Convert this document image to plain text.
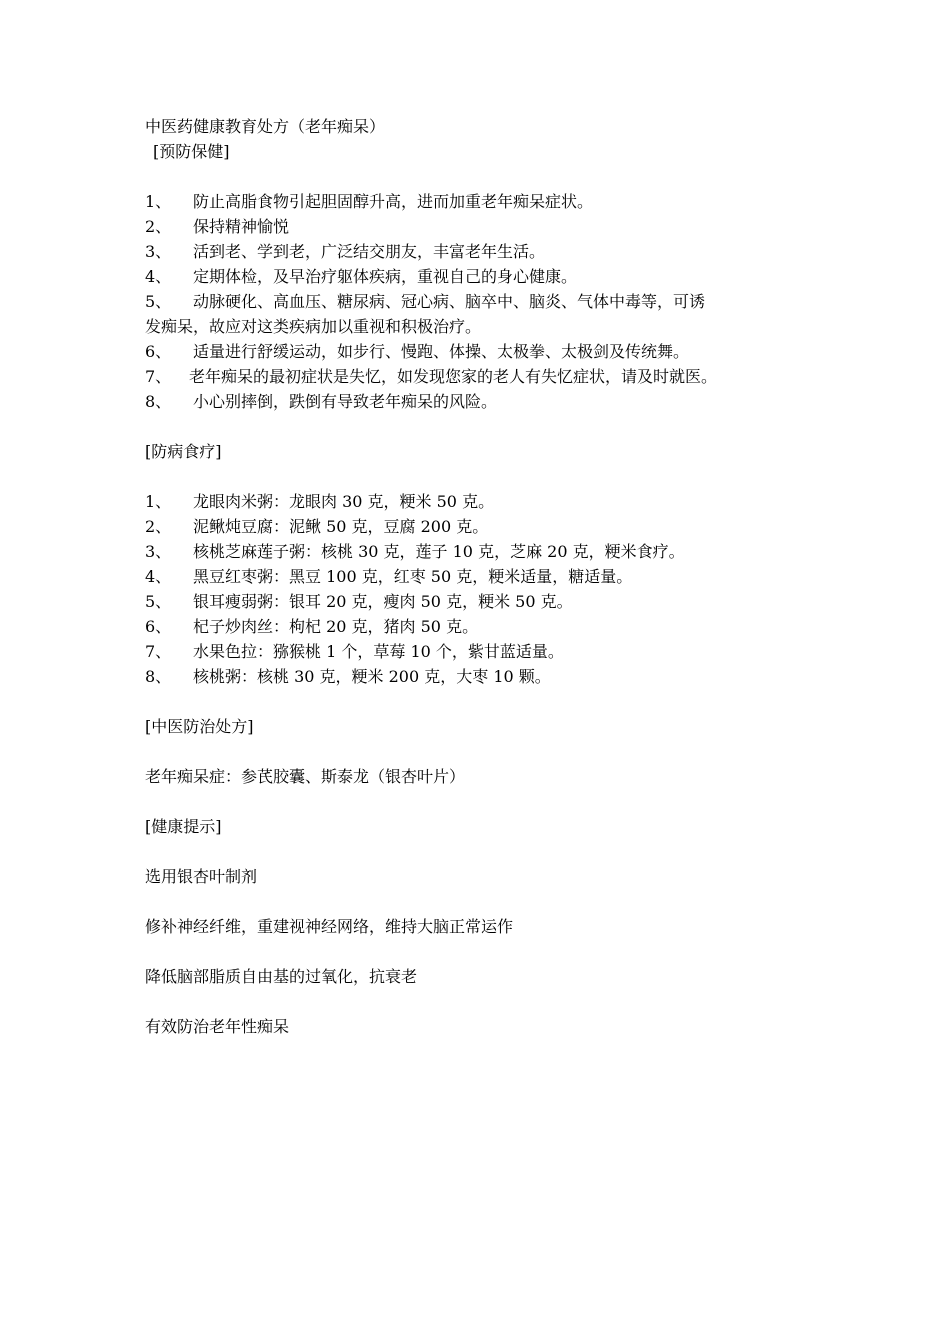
中医药健康教育处方（老年痴呆）
[预防保健]
1、	防止高脂食物引起胆固醇升高，进而加重老年痴呆症状。
2、	保持精神愉悦
3、	活到老、学到老，广泛结交朋友，丰富老年生活。
4、	定期体检，及早治疗躯体疾病，重视自己的身心健康。
5、	动脉硬化、高血压、糖尿病、冠心病、脑卒中、脑炎、气体中毒等，可诱
发痴呆，故应对这类疾病加以重视和积极治疗。
6、	适量进行舒缓运动，如步行、慢跑、体操、太极拳、太极剑及传统舞。
7、	老年痴呆的最初症状是失忆，如发现您家的老人有失忆症状，请及时就医。
8、	小心别摔倒，跌倒有导致老年痴呆的风险。
[防病食疗]
1、	龙眼肉米粥：龙眼肉 30 克，粳米 50 克。
2、	泥鳅炖豆腐：泥鳅 50 克，豆腐 200 克。
3、	核桃芝麻莲子粥：核桃 30 克，莲子 10 克，芝麻 20 克，粳米食疗。
4、	黑豆红枣粥：黑豆 100 克，红枣 50 克，粳米适量，糖适量。
5、	银耳瘦弱粥：银耳 20 克，瘦肉 50 克，粳米 50 克。
6、	杞子炒肉丝：枸杞 20 克，猪肉 50 克。
7、	水果色拉：猕猴桃 1 个，草莓 10 个，紫甘蓝适量。
8、	核桃粥：核桃 30 克，粳米 200 克，大枣 10 颗。
[中医防治处方]
老年痴呆症：参芪胶囊、斯泰龙（银杏叶片）
[健康提示]
选用银杏叶制剂
修补神经纤维，重建视神经网络，维持大脑正常运作
降低脑部脂质自由基的过氧化，抗衰老
有效防治老年性痴呆
